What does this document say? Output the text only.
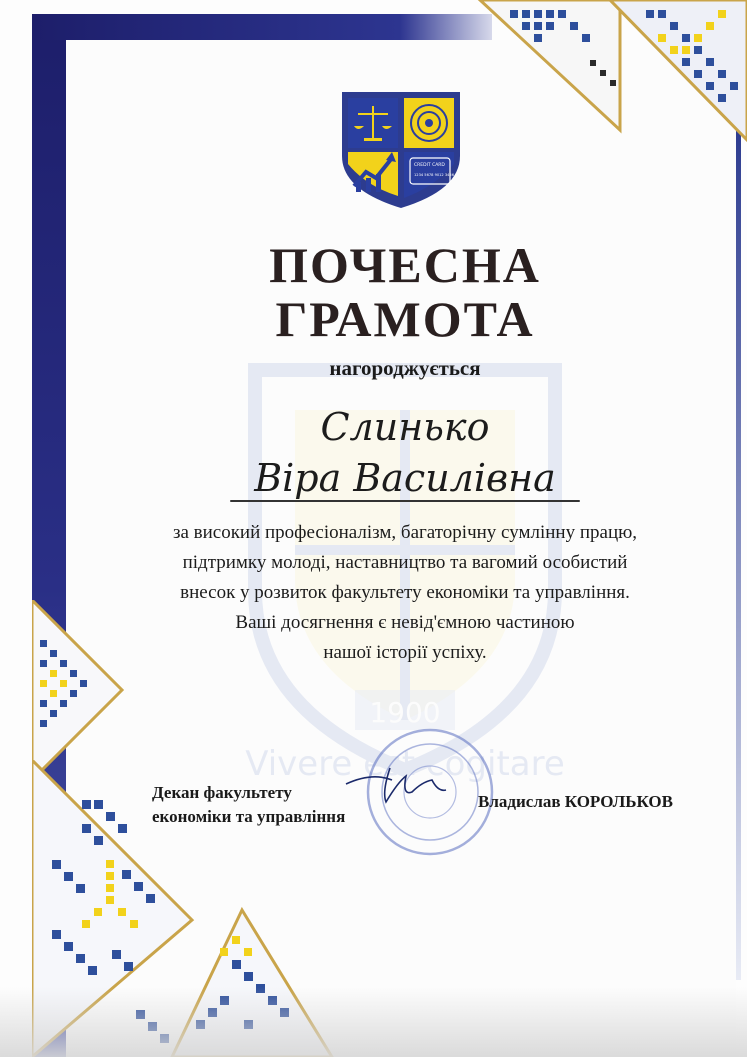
1900
Vivere est cogitare
CREDIT CARD
1234 5678 9012 3456
ПОЧЕСНА
ГРАМОТА
нагороджується
Слинько
Віра Василівна
за високий професіоналізм, багаторічну сумлінну працю,
підтримку молоді, наставництво та вагомий особистий
внесок у розвиток факультету економіки та управління.
Ваші досягнення є невід'ємною частиною
нашої історії успіху.
Декан факультету
економіки та управління
Владислав КОРОЛЬКОВ
